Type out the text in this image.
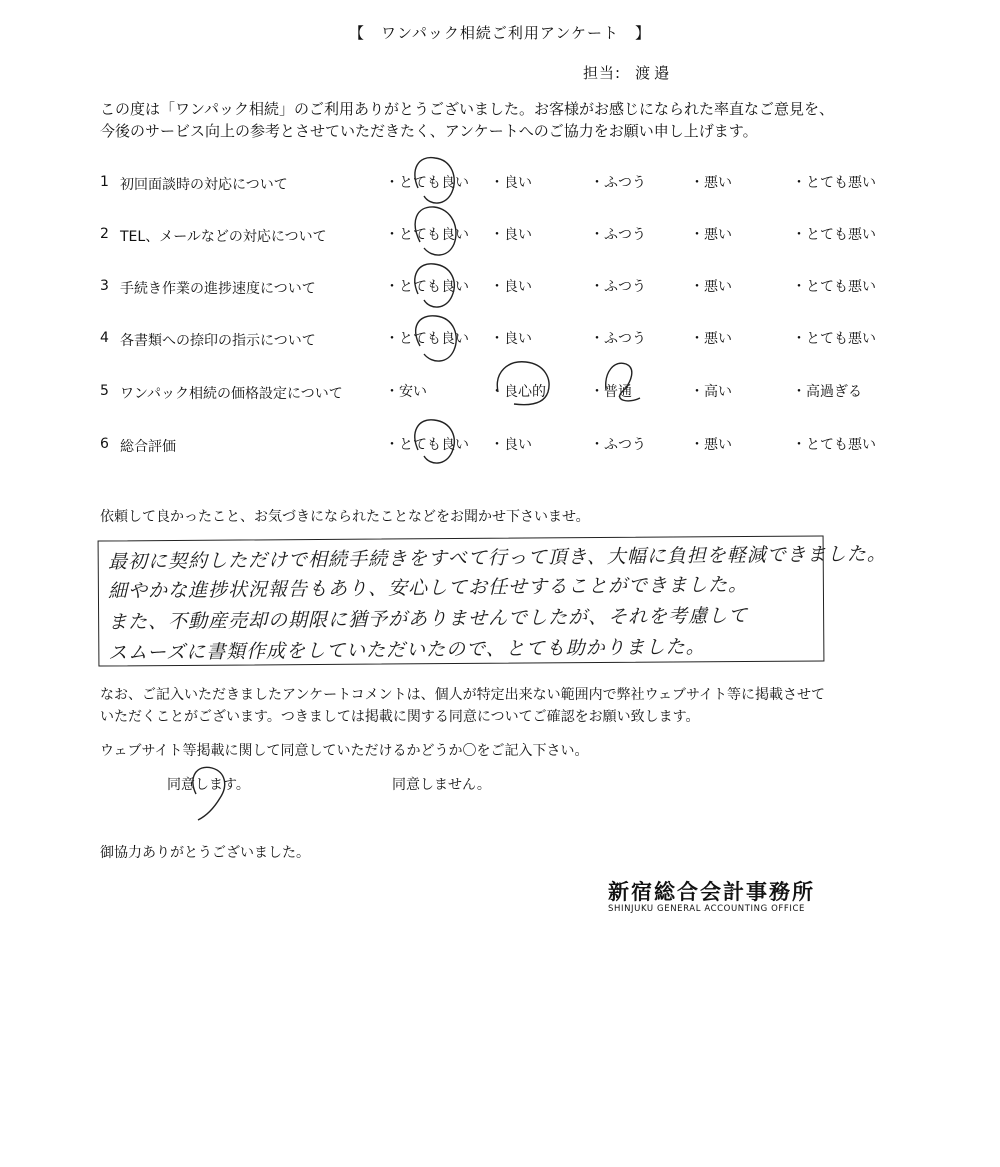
【　ワンパック相続ご利用アンケート　】
担当: 渡邉
この度は「ワンパック相続」のご利用ありがとうございました。お客様がお感じになられた率直なご意見を、
今後のサービス向上の参考とさせていただきたく、アンケートへのご協力をお願い申し上げます。
1 初回面談時の対応について	・とても良い ・良い	・ふつう	・悪い	・とても悪い
2 TEL、メールなどの対応について	・とても良い ・良い	・ふつう	・悪い	・とても悪い
3 手続き作業の進捗速度について	・とても良い ・良い	・ふつう	・悪い	・とても悪い
4 各書類への捺印の指示について	・とても良い ・良い	・ふつう	・悪い	・とても悪い
5 ワンパック相続の価格設定について	・安い	・良心的	・普通	・高い	・高過ぎる
6 総合評価	・とても良い ・良い	・ふつう	・悪い	・とても悪い
依頼して良かったこと、お気づきになられたことなどをお聞かせ下さいませ。
最初に契約しただけで相続手続きをすべて行って頂き、大幅に負担を軽減できました。
細やかな進捗状況報告もあり、安心してお任せすることができました。
また、不動産売却の期限に猶予がありませんでしたが、それを考慮して
スムーズに書類作成をしていただいたので、とても助かりました。
なお、ご記入いただきましたアンケートコメントは、個人が特定出来ない範囲内で弊社ウェブサイト等に掲載させて
いただくことがございます。つきましては掲載に関する同意についてご確認をお願い致します。
ウェブサイト等掲載に関して同意していただけるかどうか〇をご記入下さい。
同意します。	同意しません。
御協力ありがとうございました。
新宿総合会計事務所
SHINJUKU GENERAL ACCOUNTING OFFICE
